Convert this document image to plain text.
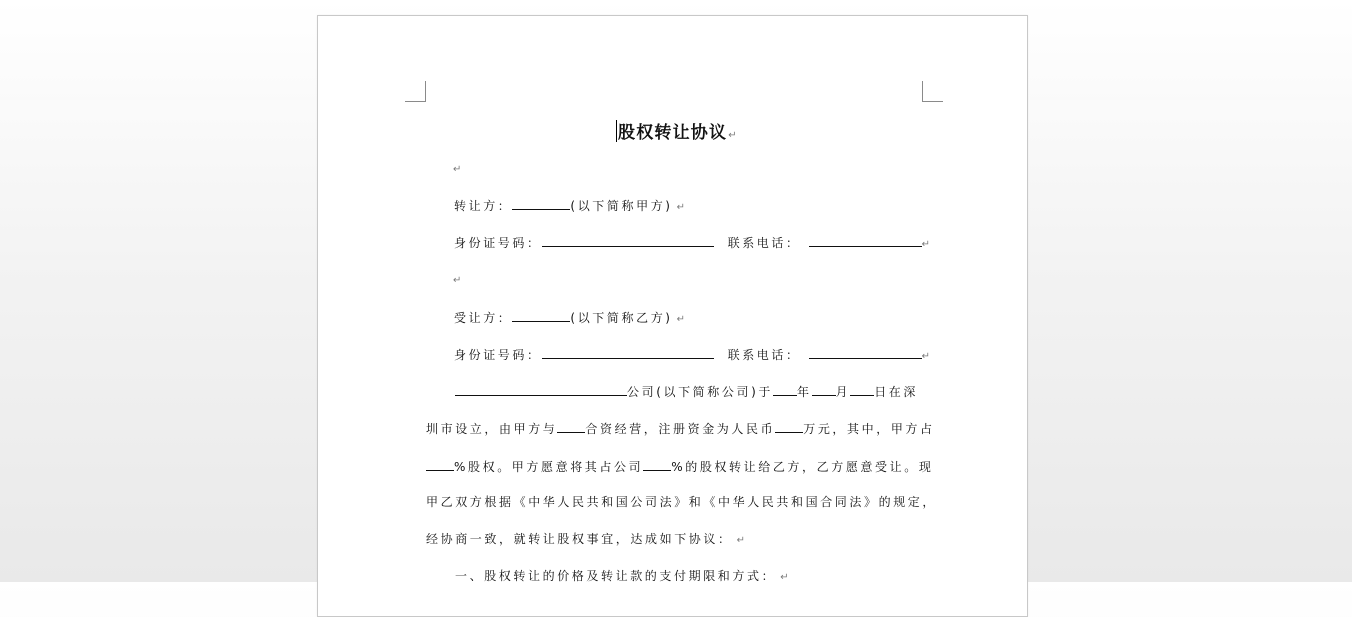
股权转让协议↵
↵
转让方：	(以下简称甲方) ↵
身份证号码：	联系电话：	↵
↵
受让方：	(以下简称乙方) ↵
身份证号码：	联系电话：	↵
公司(以下简称公司)于 年 月 日在深
圳市设立，由甲方与 合资经营，注册资金为人民币 万元，其中，甲方占
%股权。甲方愿意将其占公司 %的股权转让给乙方，乙方愿意受让。现
甲乙双方根据《中华人民共和国公司法》和《中华人民共和国合同法》的规定，
经协商一致，就转让股权事宜，达成如下协议： ↵
一、股权转让的价格及转让款的支付期限和方式： ↵
